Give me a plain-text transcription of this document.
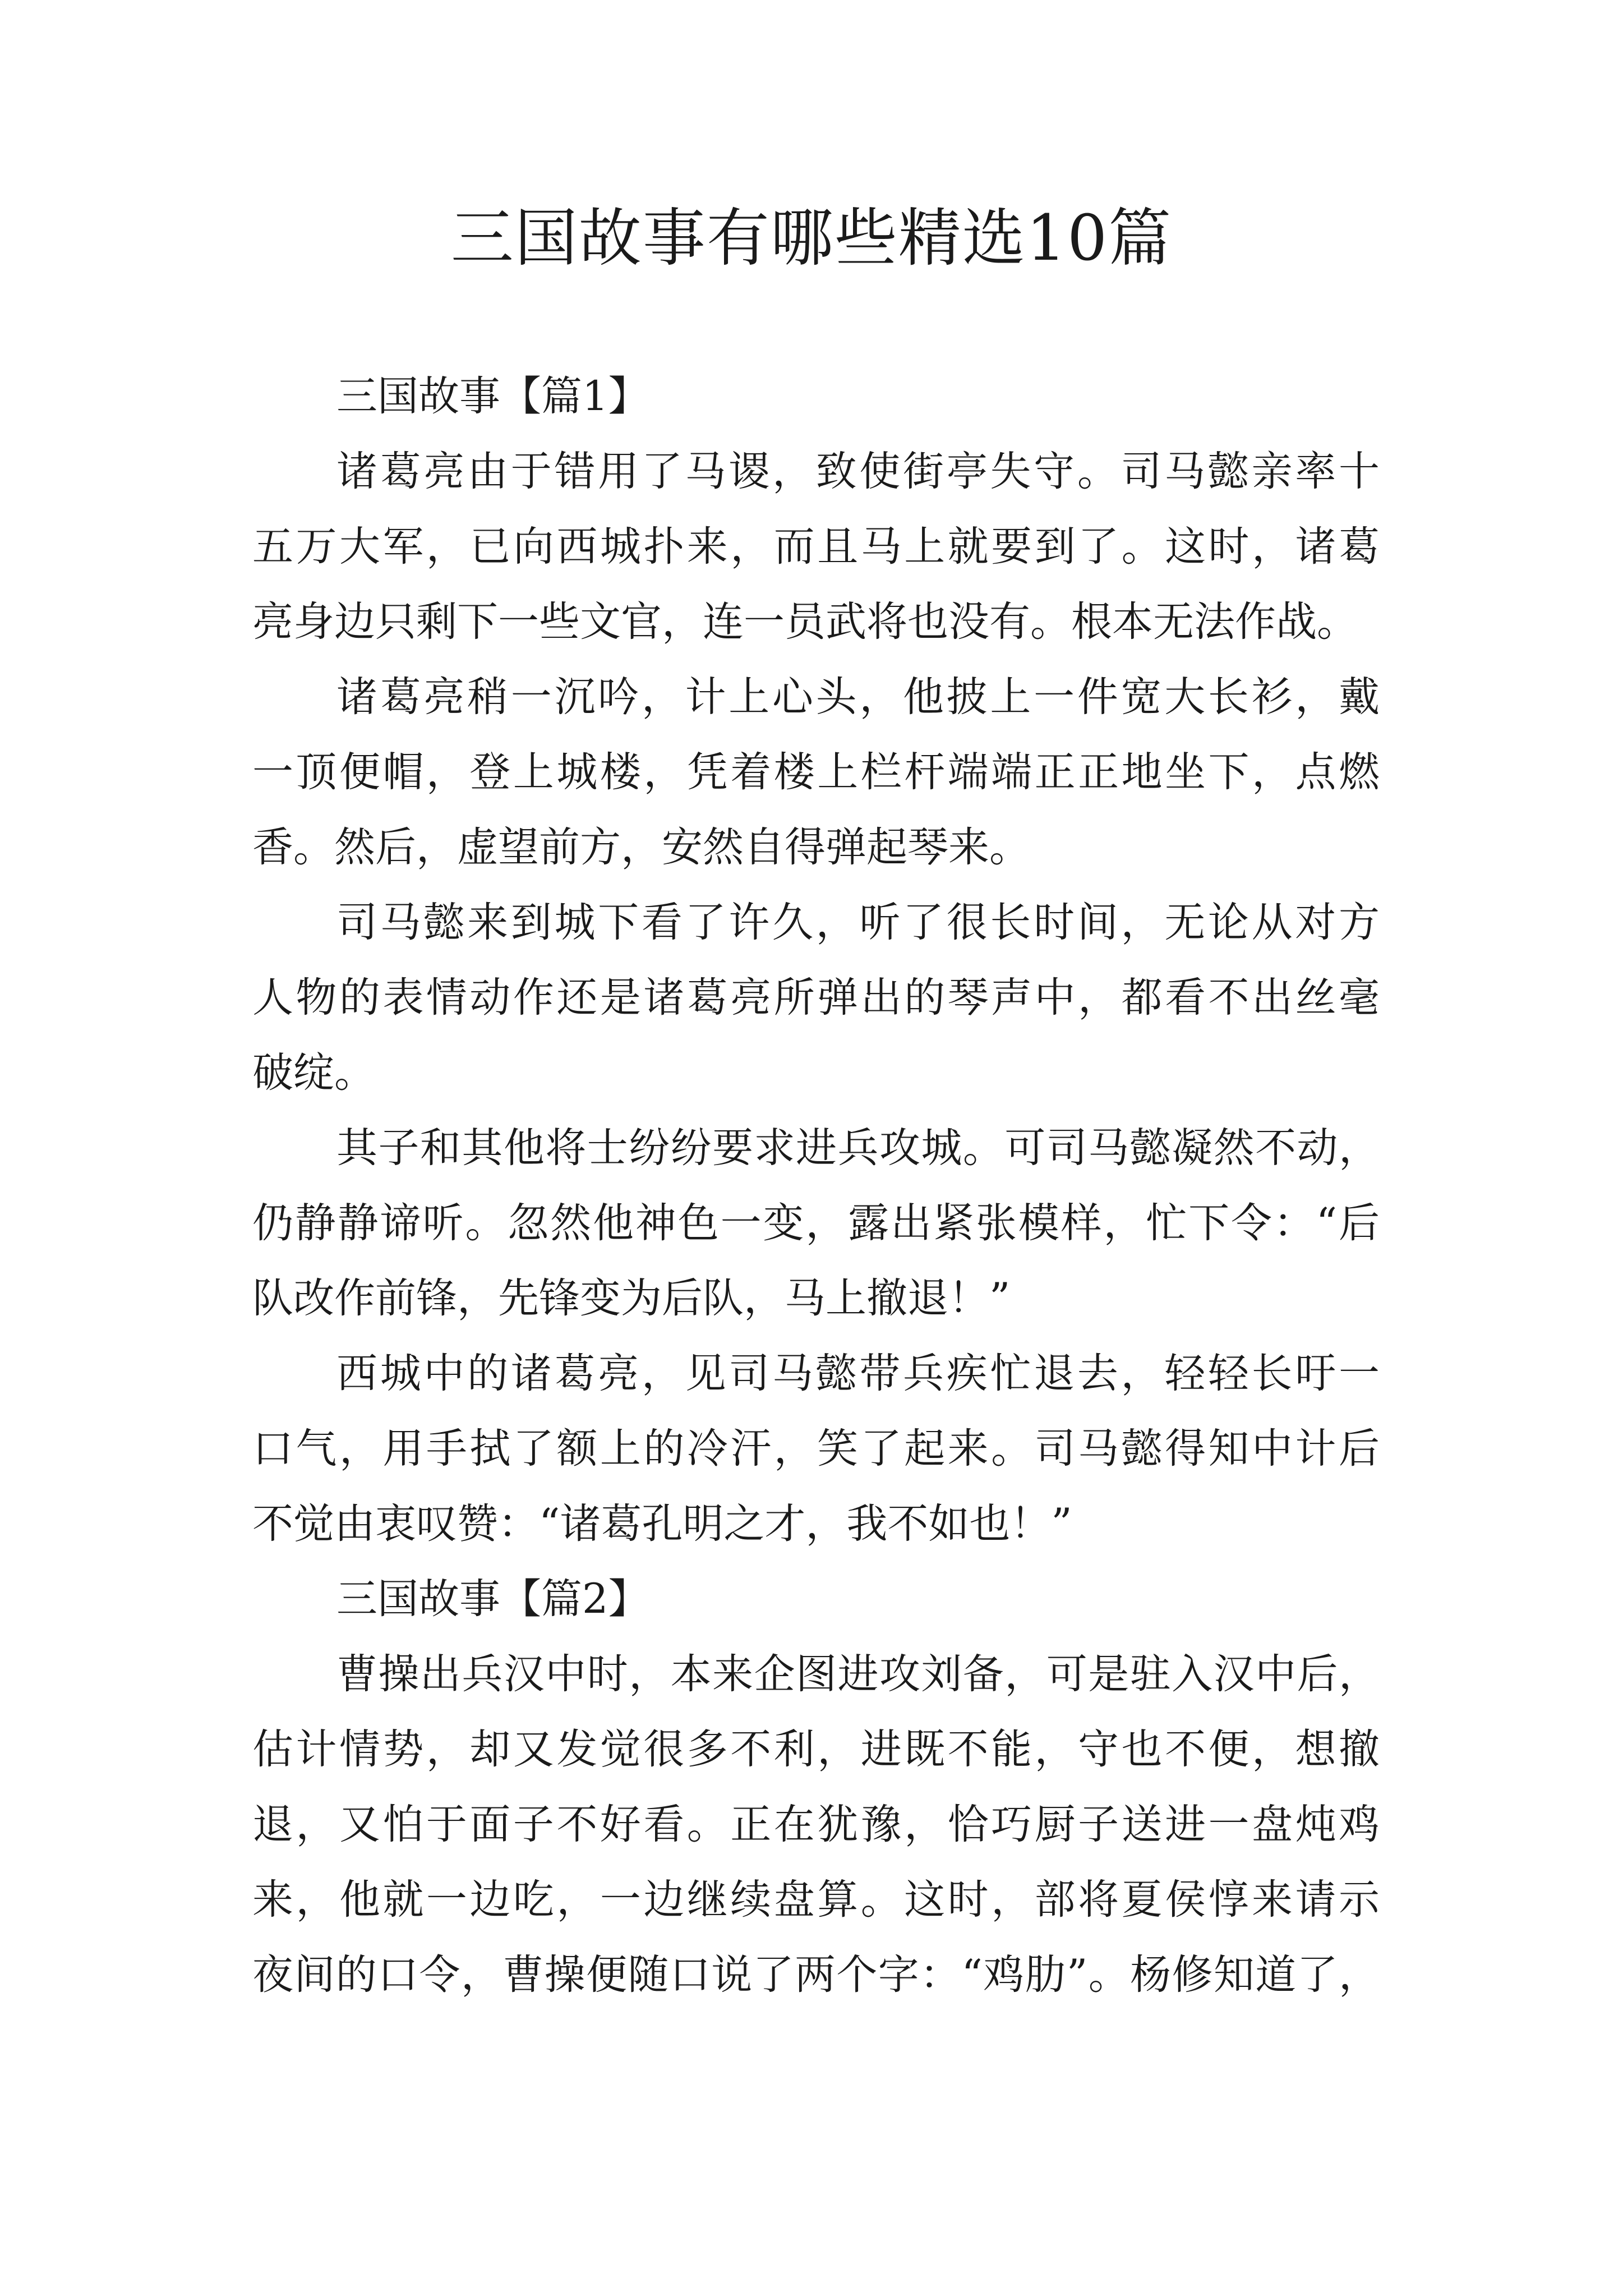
三国故事有哪些精选10篇

三国故事【篇1】

诸葛亮由于错用了马谡，致使街亭失守。司马懿亲率十
五万大军，已向西城扑来，而且马上就要到了。这时，诸葛
亮身边只剩下一些文官，连一员武将也没有。根本无法作战。

诸葛亮稍一沉吟，计上心头，他披上一件宽大长衫，戴
一顶便帽，登上城楼，凭着楼上栏杆端端正正地坐下，点燃
香。然后，虚望前方，安然自得弹起琴来。

司马懿来到城下看了许久，听了很长时间，无论从对方
人物的表情动作还是诸葛亮所弹出的琴声中，都看不出丝毫
破绽。

其子和其他将士纷纷要求进兵攻城。可司马懿凝然不动，
仍静静谛听。忽然他神色一变，露出紧张模样，忙下令：“后
队改作前锋，先锋变为后队，马上撤退！”

西城中的诸葛亮，见司马懿带兵疾忙退去，轻轻长吁一
口气，用手拭了额上的冷汗，笑了起来。司马懿得知中计后
不觉由衷叹赞：“诸葛孔明之才，我不如也！”

三国故事【篇2】

曹操出兵汉中时，本来企图进攻刘备，可是驻入汉中后，
估计情势，却又发觉很多不利，进既不能，守也不便，想撤
退，又怕于面子不好看。正在犹豫，恰巧厨子送进一盘炖鸡
来，他就一边吃，一边继续盘算。这时，部将夏侯惇来请示
夜间的口令，曹操便随口说了两个字：“鸡肋”。杨修知道了，
